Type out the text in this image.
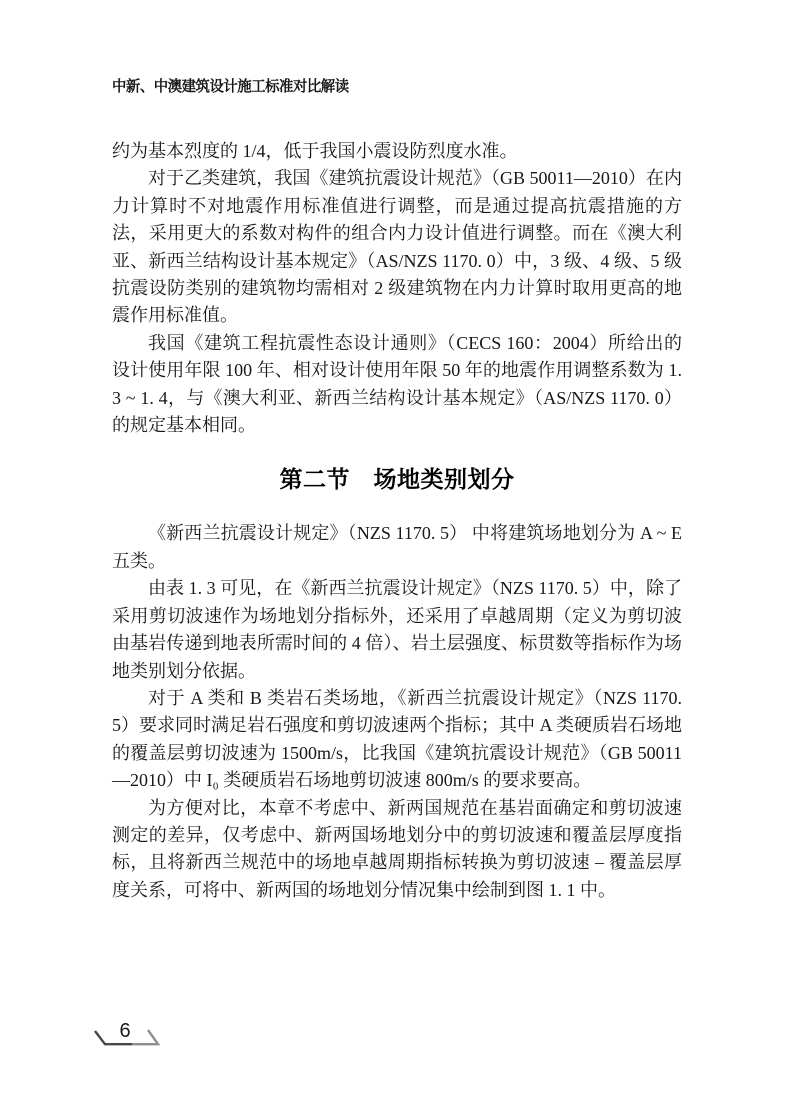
中新、中澳建筑设计施工标准对比解读

约为基本烈度的 1/4，低于我国小震设防烈度水准。

对于乙类建筑，我国《建筑抗震设计规范》（GB 50011—2010）在内力计算时不对地震作用标准值进行调整，而是通过提高抗震措施的方法，采用更大的系数对构件的组合内力设计值进行调整。而在《澳大利亚、新西兰结构设计基本规定》（AS/NZS 1170. 0）中，3 级、4 级、5 级抗震设防类别的建筑物均需相对 2 级建筑物在内力计算时取用更高的地震作用标准值。

我国《建筑工程抗震性态设计通则》（CECS 160：2004）所给出的设计使用年限 100 年、相对设计使用年限 50 年的地震作用调整系数为 1. 3 ~ 1. 4，与《澳大利亚、新西兰结构设计基本规定》（AS/NZS 1170. 0）的规定基本相同。

第二节　场地类别划分

《新西兰抗震设计规定》（NZS 1170. 5） 中将建筑场地划分为 A ~ E 五类。

由表 1. 3 可见，在《新西兰抗震设计规定》（NZS 1170. 5）中，除了采用剪切波速作为场地划分指标外，还采用了卓越周期（定义为剪切波由基岩传递到地表所需时间的 4 倍）、岩土层强度、标贯数等指标作为场地类别划分依据。

对于 A 类和 B 类岩石类场地，《新西兰抗震设计规定》（NZS 1170. 5）要求同时满足岩石强度和剪切波速两个指标；其中 A 类硬质岩石场地的覆盖层剪切波速为 1500m/s，比我国《建筑抗震设计规范》（GB 50011—2010）中 I₀ 类硬质岩石场地剪切波速 800m/s 的要求要高。

为方便对比，本章不考虑中、新两国规范在基岩面确定和剪切波速测定的差异，仅考虑中、新两国场地划分中的剪切波速和覆盖层厚度指标，且将新西兰规范中的场地卓越周期指标转换为剪切波速 – 覆盖层厚度关系，可将中、新两国的场地划分情况集中绘制到图 1. 1 中。

6
